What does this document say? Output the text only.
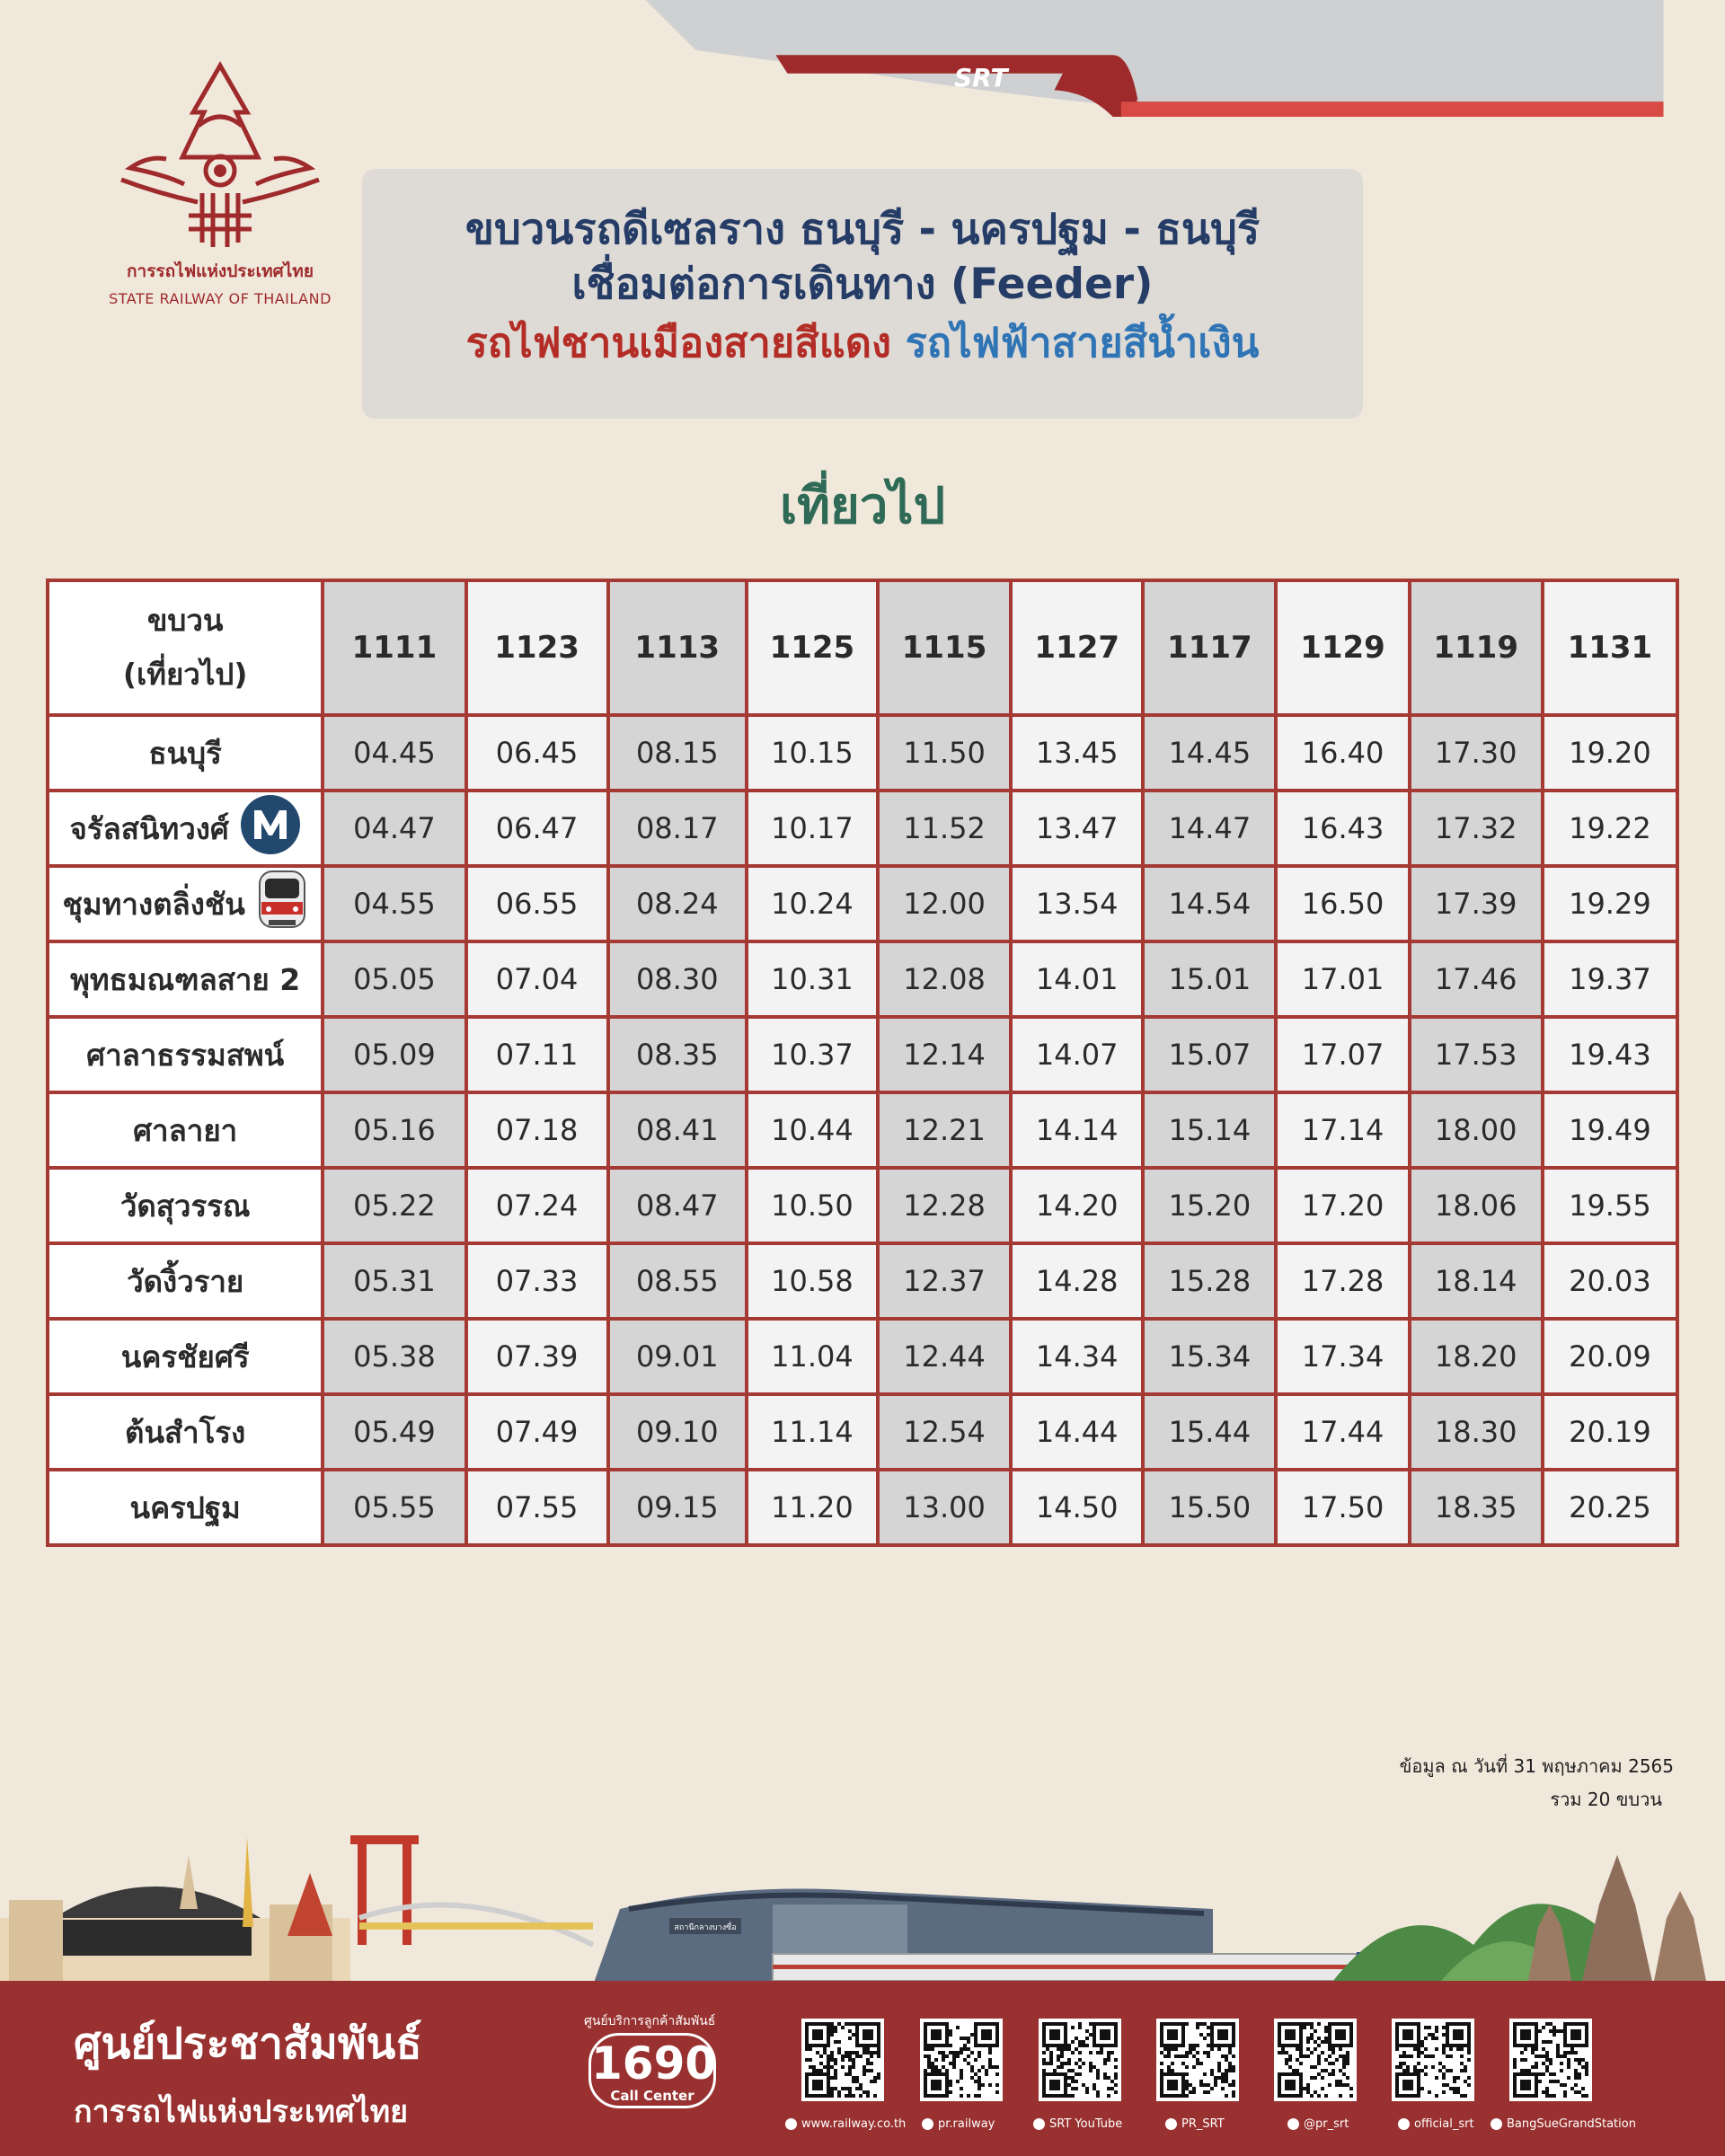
SRT
การรถไฟแห่งประเทศไทย
STATE RAILWAY OF THAILAND
ขบวนรถดีเซลราง ธนบุรี - นครปฐม - ธนบุรี
เชื่อมต่อการเดินทาง (Feeder)
รถไฟชานเมืองสายสีแดง รถไฟฟ้าสายสีน้ำเงิน
เที่ยวไป
ขบวน
(เที่ยวไป)	1111	1123	1113	1125	1115	1127	1117	1129	1119	1131

ธนบุรี	04.45	06.45	08.15	10.15	11.50	13.45	14.45	16.40	17.30	19.20

จรัลสนิทวงศ์	04.47	06.47	08.17	10.17	11.52	13.47	14.47	16.43	17.32	19.22

ชุมทางตลิ่งชัน	04.55	06.55	08.24	10.24	12.00	13.54	14.54	16.50	17.39	19.29

พุทธมณฑลสาย 2	05.05	07.04	08.30	10.31	12.08	14.01	15.01	17.01	17.46	19.37

ศาลาธรรมสพน์	05.09	07.11	08.35	10.37	12.14	14.07	15.07	17.07	17.53	19.43

ศาลายา	05.16	07.18	08.41	10.44	12.21	14.14	15.14	17.14	18.00	19.49

วัดสุวรรณ	05.22	07.24	08.47	10.50	12.28	14.20	15.20	17.20	18.06	19.55

วัดงิ้วราย	05.31	07.33	08.55	10.58	12.37	14.28	15.28	17.28	18.14	20.03

นครชัยศรี	05.38	07.39	09.01	11.04	12.44	14.34	15.34	17.34	18.20	20.09

ต้นสำโรง	05.49	07.49	09.10	11.14	12.54	14.44	15.44	17.44	18.30	20.19

นครปฐม	05.55	07.55	09.15	11.20	13.00	14.50	15.50	17.50	18.35	20.25
ข้อมูล ณ วันที่ 31 พฤษภาคม 2565
รวม 20 ขบวน
สถานีกลางบางซื่อ
ศูนย์ประชาสัมพันธ์
การรถไฟแห่งประเทศไทย
ศูนย์บริการลูกค้าสัมพันธ์
1690
Call Center
www.railway.co.th	pr.railway	SRT YouTube	PR_SRT	@pr_srt	official_srt	BangSueGrandStation
